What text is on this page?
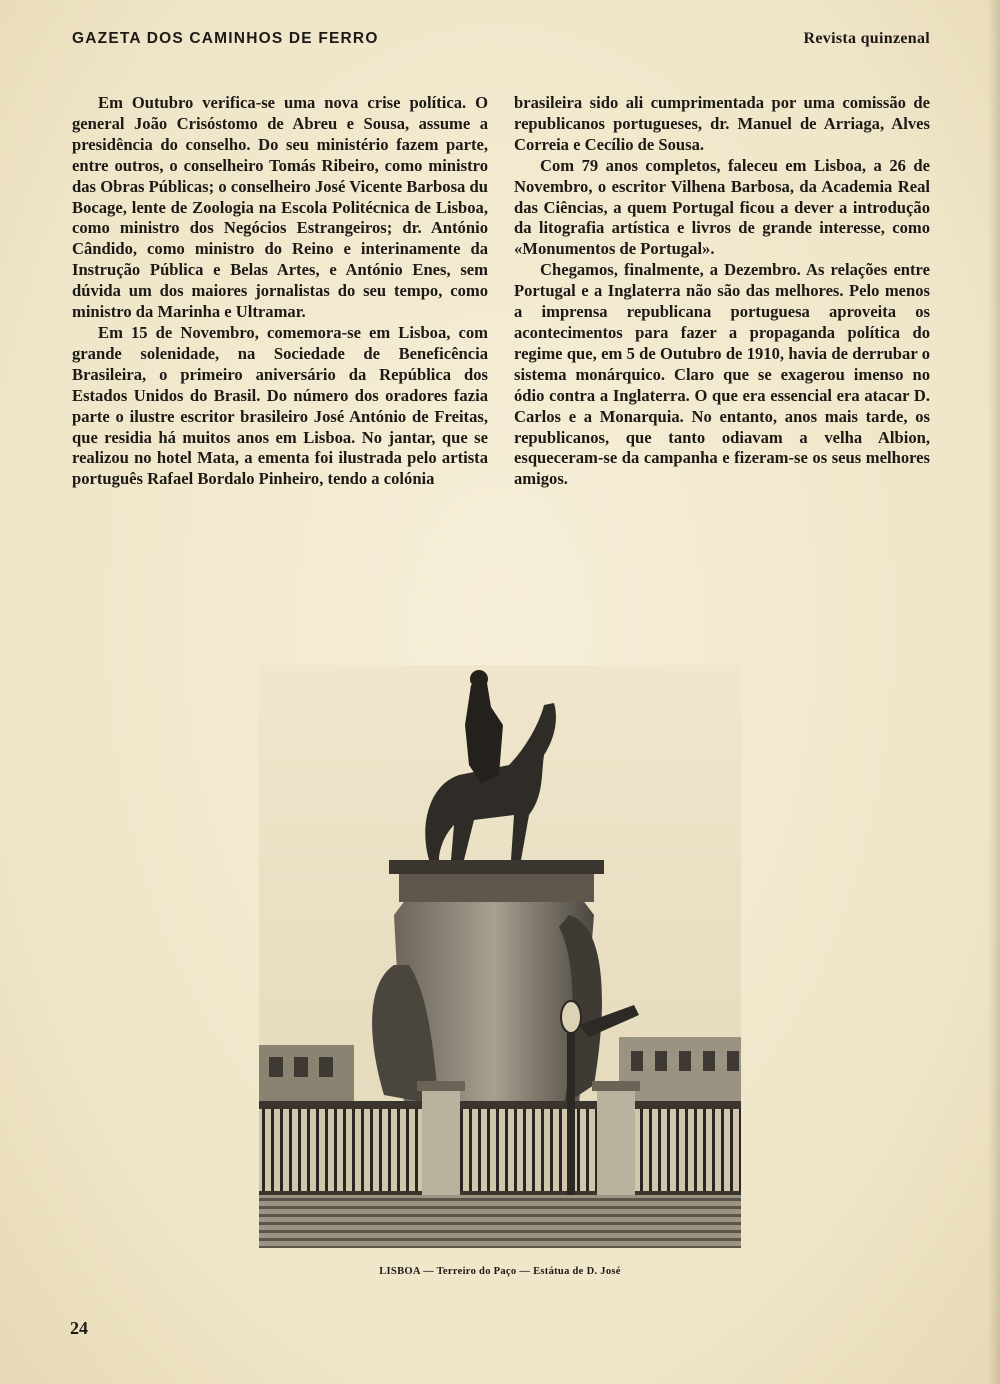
GAZETA DOS CAMINHOS DE FERRO	Revista quinzenal

Em Outubro verifica-se uma nova crise política. O general João Crisóstomo de Abreu e Sousa, assume a presidência do conselho. Do seu ministério fazem parte, entre outros, o conselheiro Tomás Ribeiro, como ministro das Obras Públicas; o conselheiro José Vicente Barbosa du Bocage, lente de Zoologia na Escola Politécnica de Lisboa, como ministro dos Negócios Estrangeiros; dr. António Cândido, como ministro do Reino e interinamente da Instrução Pública e Belas Artes, e António Enes, sem dúvida um dos maiores jornalistas do seu tempo, como ministro da Marinha e Ultramar.

Em 15 de Novembro, comemora-se em Lisboa, com grande solenidade, na Sociedade de Beneficência Brasileira, o primeiro aniversário da República dos Estados Unidos do Brasil. Do número dos oradores fazia parte o ilustre escritor brasileiro José António de Freitas, que residia há muitos anos em Lisboa. No jantar, que se realizou no hotel Mata, a ementa foi ilustrada pelo artista português Rafael Bordalo Pinheiro, tendo a colónia

brasileira sido ali cumprimentada por uma comissão de republicanos portugueses, dr. Manuel de Arriaga, Alves Correia e Cecílio de Sousa.

Com 79 anos completos, faleceu em Lisboa, a 26 de Novembro, o escritor Vilhena Barbosa, da Academia Real das Ciências, a quem Portugal ficou a dever a introdução da litografia artística e livros de grande interesse, como «Monumentos de Portugal».

Chegamos, finalmente, a Dezembro. As relações entre Portugal e a Inglaterra não são das melhores. Pelo menos a imprensa republicana portuguesa aproveita os acontecimentos para fazer a propaganda política do regime que, em 5 de Outubro de 1910, havia de derrubar o sistema monárquico. Claro que se exagerou imenso no ódio contra a Inglaterra. O que era essencial era atacar D. Carlos e a Monarquia. No entanto, anos mais tarde, os republicanos, que tanto odiavam a velha Albion, esqueceram-se da campanha e fizeram-se os seus melhores amigos.

LISBOA — Terreiro do Paço — Estátua de D. José
24
